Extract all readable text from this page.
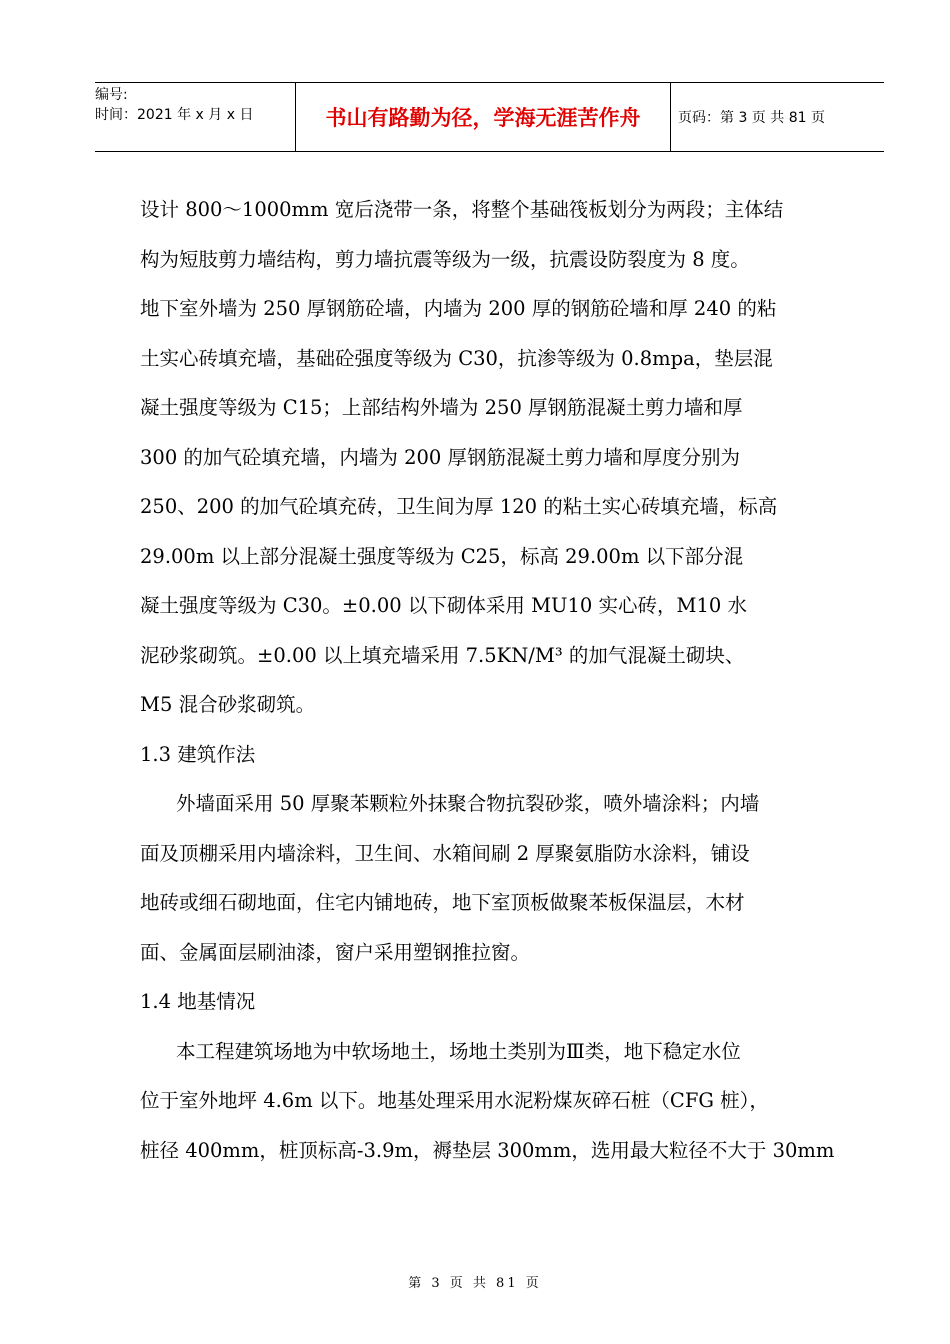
编号:
时间：2021 年 x 月 x 日	书山有路勤为径，学海无涯苦作舟	页码：第 3 页 共 81 页
设计 800～1000mm 宽后浇带一条，将整个基础筏板划分为两段；主体结
构为短肢剪力墙结构，剪力墙抗震等级为一级，抗震设防裂度为 8 度。
地下室外墙为 250 厚钢筋砼墙，内墙为 200 厚的钢筋砼墙和厚 240 的粘
土实心砖填充墙，基础砼强度等级为 C30，抗渗等级为 0.8mpa，垫层混
凝土强度等级为 C15；上部结构外墙为 250 厚钢筋混凝土剪力墙和厚
300 的加气砼填充墙，内墙为 200 厚钢筋混凝土剪力墙和厚度分别为
250、200 的加气砼填充砖，卫生间为厚 120 的粘土实心砖填充墙，标高
29.00m 以上部分混凝土强度等级为 C25，标高 29.00m 以下部分混
凝土强度等级为 C30。±0.00 以下砌体采用 MU10 实心砖，M10 水
泥砂浆砌筑。±0.00 以上填充墙采用 7.5KN/M³ 的加气混凝土砌块、
M5 混合砂浆砌筑。
1.3 建筑作法
外墙面采用 50 厚聚苯颗粒外抹聚合物抗裂砂浆，喷外墙涂料；内墙
面及顶棚采用内墙涂料，卫生间、水箱间刷 2 厚聚氨脂防水涂料，铺设
地砖或细石砌地面，住宅内铺地砖，地下室顶板做聚苯板保温层，木材
面、金属面层刷油漆，窗户采用塑钢推拉窗。
1.4 地基情况
本工程建筑场地为中软场地土，场地土类别为Ⅲ类，地下稳定水位
位于室外地坪 4.6m 以下。地基处理采用水泥粉煤灰碎石桩（CFG 桩），
桩径 400mm，桩顶标高-3.9m，褥垫层 300mm，选用最大粒径不大于 30mm
第 3 页 共 81 页
